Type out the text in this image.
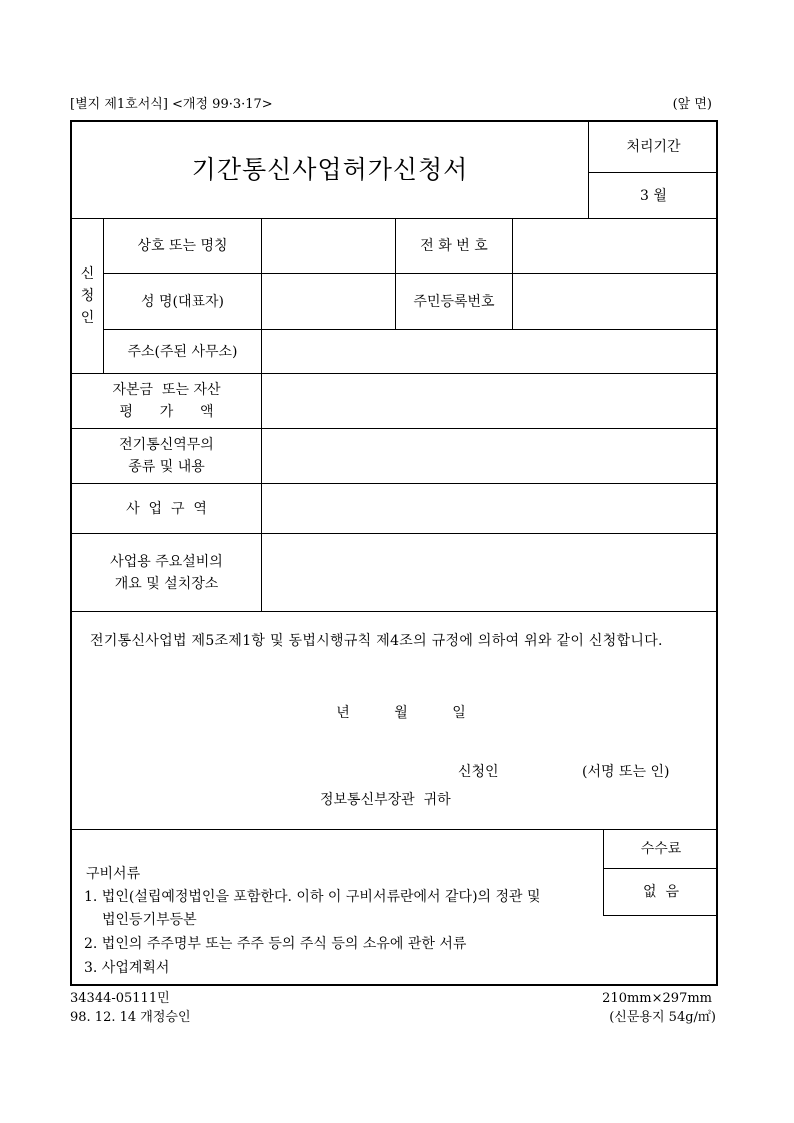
[별지 제1호서식] <개정 99·3·17>	(앞 면)
기간통신사업허가신청서
처리기간
3 월
신
청
인
상호 또는 명칭	전 화 번 호
성 명(대표자)	주민등록번호
주소(주된 사무소)
자본금  또는 자산
평      가      액
전기통신역무의
종류 및 내용
사  업  구  역
사업용 주요설비의
개요 및 설치장소
전기통신사업법 제5조제1항 및 동법시행규칙 제4조의 규정에 의하여 위와 같이 신청합니다.
년          월          일
신청인	(서명 또는 인)
정보통신부장관  귀하
수수료
없  음
구비서류
1. 법인(설립예정법인을 포함한다. 이하 이 구비서류란에서 같다)의 정관 및
법인등기부등본
2. 법인의 주주명부 또는 주주 등의 주식 등의 소유에 관한 서류
3. 사업계획서
34344-05111민
98. 12. 14 개정승인
210mm×297mm
(신문용지 54g/㎡)
